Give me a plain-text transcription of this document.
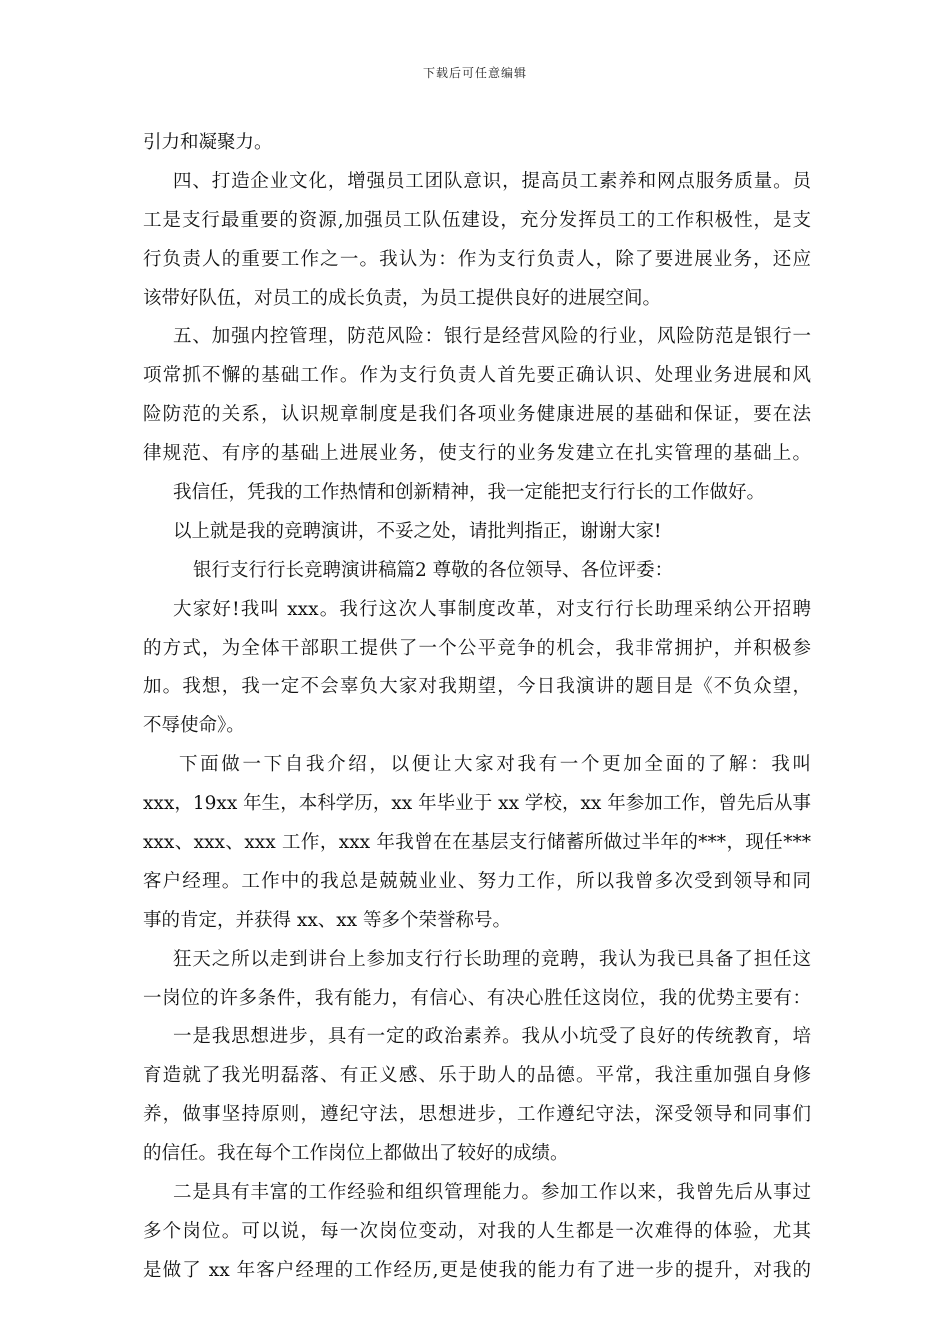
下载后可任意编辑
引力和凝聚力。
四、打造企业文化，增强员工团队意识，提高员工素养和网点服务质量。员
工是支行最重要的资源,加强员工队伍建设，充分发挥员工的工作积极性，是支
行负责人的重要工作之一。我认为：作为支行负责人，除了要进展业务，还应
该带好队伍，对员工的成长负责，为员工提供良好的进展空间。
五、加强内控管理，防范风险：银行是经营风险的行业，风险防范是银行一
项常抓不懈的基础工作。作为支行负责人首先要正确认识、处理业务进展和风
险防范的关系，认识规章制度是我们各项业务健康进展的基础和保证，要在法
律规范、有序的基础上进展业务，使支行的业务发建立在扎实管理的基础上。
我信任，凭我的工作热情和创新精神，我一定能把支行行长的工作做好。
以上就是我的竞聘演讲，不妥之处，请批判指正，谢谢大家!
银行支行行长竞聘演讲稿篇2 尊敬的各位领导、各位评委：
大家好!我叫 xxx。我行这次人事制度改革，对支行行长助理采纳公开招聘
的方式，为全体干部职工提供了一个公平竞争的机会，我非常拥护，并积极参
加。我想，我一定不会辜负大家对我期望，今日我演讲的题目是《不负众望，
不辱使命》。
下面做一下自我介绍，以便让大家对我有一个更加全面的了解：我叫
xxx，19xx 年生，本科学历，xx 年毕业于 xx 学校，xx 年参加工作，曾先后从事
xxx、xxx、xxx 工作，xxx 年我曾在在基层支行储蓄所做过半年的***，现任***
客户经理。工作中的我总是兢兢业业、努力工作，所以我曾多次受到领导和同
事的肯定，并获得 xx、xx 等多个荣誉称号。
狂天之所以走到讲台上参加支行行长助理的竞聘，我认为我已具备了担任这
一岗位的许多条件，我有能力，有信心、有决心胜任这岗位，我的优势主要有：
一是我思想进步，具有一定的政治素养。我从小坑受了良好的传统教育，培
育造就了我光明磊落、有正义感、乐于助人的品德。平常，我注重加强自身修
养，做事坚持原则，遵纪守法，思想进步，工作遵纪守法，深受领导和同事们
的信任。我在每个工作岗位上都做出了较好的成绩。
二是具有丰富的工作经验和组织管理能力。参加工作以来，我曾先后从事过
多个岗位。可以说，每一次岗位变动，对我的人生都是一次难得的体验，尤其
是做了 xx 年客户经理的工作经历,更是使我的能力有了进一步的提升，对我的
